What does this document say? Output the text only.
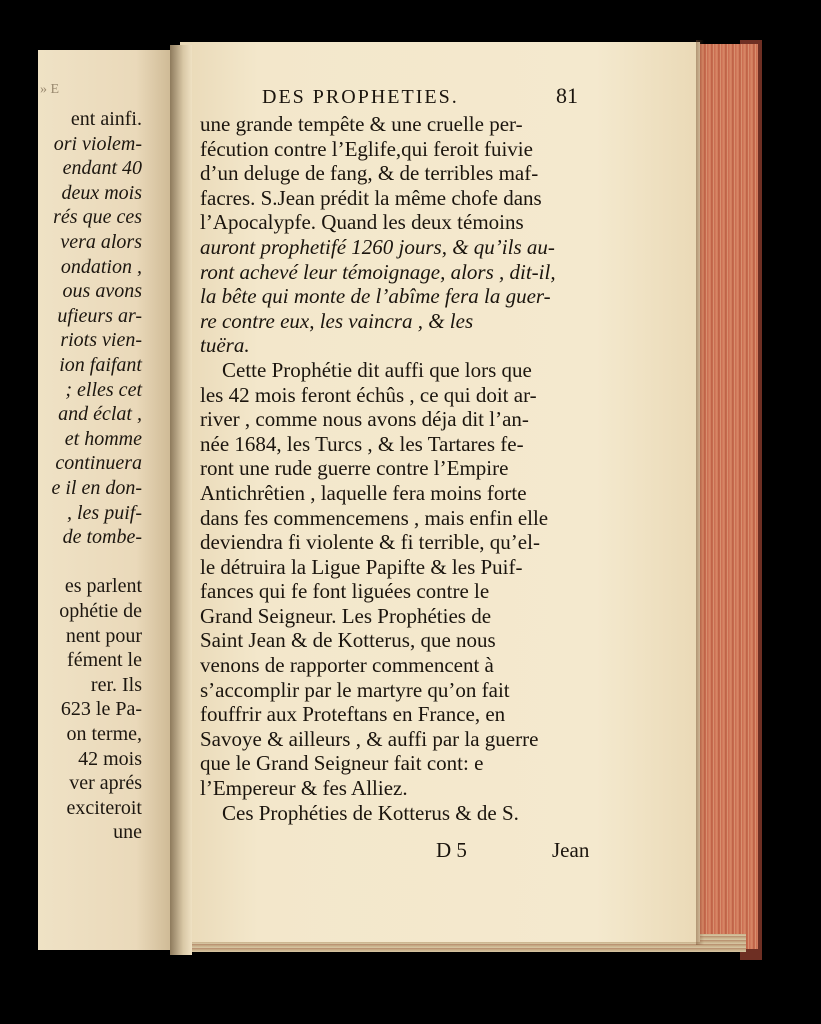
» E
ent ainfi.
ori violem-
endant 40
deux mois
rés que ces
vera alors
ondation ,
ous avons
ufieurs ar-
riots vien-
ion faifant
; elles cet
and éclat ,
et homme
continuera
e il en don-
, les puif-
de tombe-
es parlent
ophétie de
nent pour
fément le
rer. Ils
623 le Pa-
on terme,
42 mois
ver aprés
exciteroit
une
DES PROPHETIES.	81
une grande tempête & une cruelle per-
fécution contre l’Eglife,qui feroit fuivie
d’un deluge de fang, & de terribles maf-
facres. S.Jean prédit la même chofe dans
l’Apocalypfe. Quand les deux témoins
auront prophetifé 1260 jours, & qu’ils au-
ront achevé leur témoignage, alors , dit-il,
la bête qui monte de l’abîme fera la guer-
re contre eux, les vaincra , & les
tuëra.
Cette Prophétie dit auffi que lors que
les 42 mois feront échûs , ce qui doit ar-
river , comme nous avons déja dit l’an-
née 1684, les Turcs , & les Tartares fe-
ront une rude guerre contre l’Empire
Antichrêtien , laquelle fera moins forte
dans fes commencemens , mais enfin elle
deviendra fi violente & fi terrible, qu’el-
le détruira la Ligue Papifte & les Puif-
fances qui fe font liguées contre le
Grand Seigneur. Les Prophéties de
Saint Jean & de Kotterus, que nous
venons de rapporter commencent à
s’accomplir par le martyre qu’on fait
fouffrir aux Proteftans en France, en
Savoye & ailleurs , & auffi par la guerre
que le Grand Seigneur fait cont: e
l’Empereur & fes Alliez.
Ces Prophéties de Kotterus & de S.
D 5	Jean
